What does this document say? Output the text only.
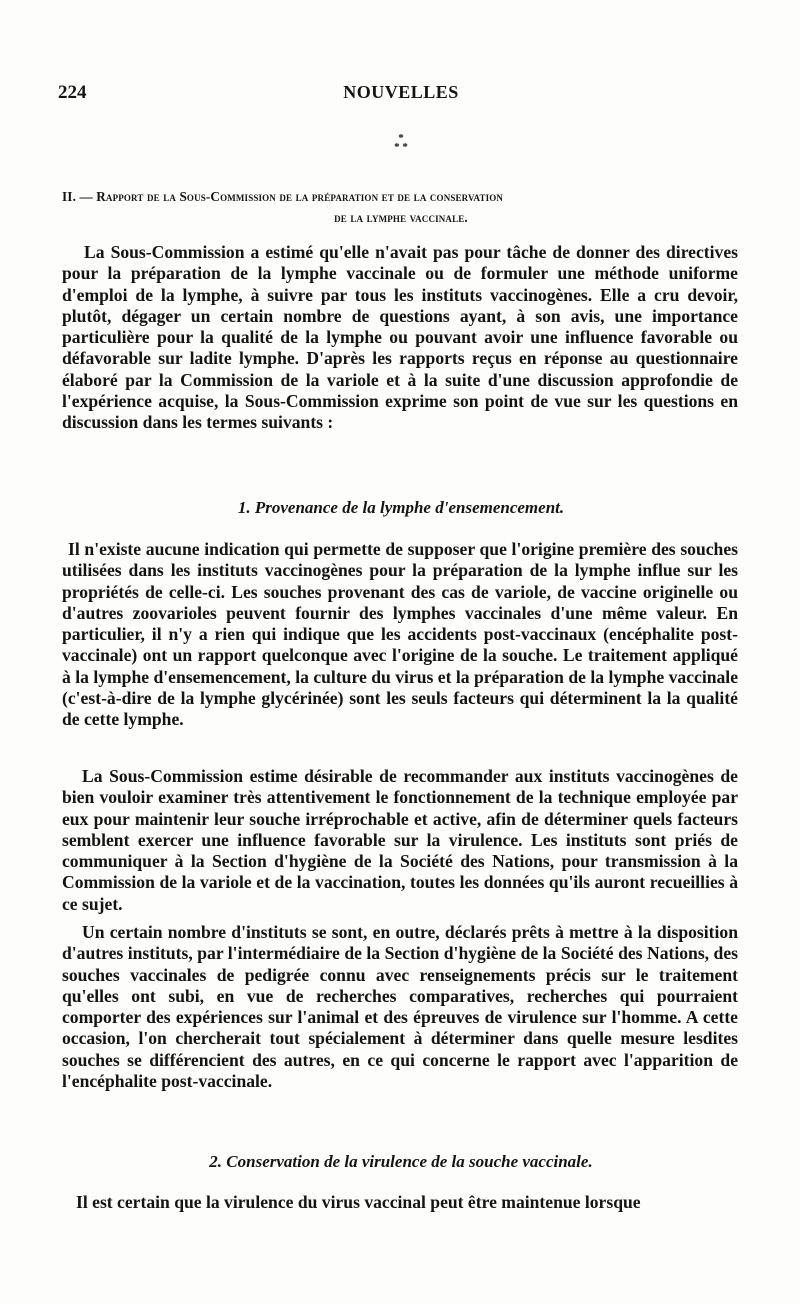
224	NOUVELLES
*
* *
II. — Rapport de la Sous-Commission de la préparation et de la conservation
de la lymphe vaccinale.

La Sous-Commission a estimé qu'elle n'avait pas pour tâche de donner des directives pour la préparation de la lymphe vaccinale ou de formuler une méthode uniforme d'emploi de la lymphe, à suivre par tous les instituts vaccinogènes. Elle a cru devoir, plutôt, dégager un certain nombre de questions ayant, à son avis, une importance particulière pour la qualité de la lymphe ou pouvant avoir une influence favorable ou défavorable sur ladite lymphe. D'après les rapports reçus en réponse au questionnaire élaboré par la Commission de la variole et à la suite d'une discussion approfondie de l'expérience acquise, la Sous-Commission exprime son point de vue sur les questions en discussion dans les termes suivants :

1. Provenance de la lymphe d'ensemencement.

Il n'existe aucune indication qui permette de supposer que l'origine première des souches utilisées dans les instituts vaccinogènes pour la préparation de la lymphe influe sur les propriétés de celle-ci. Les souches provenant des cas de variole, de vaccine originelle ou d'autres zoovarioles peuvent fournir des lymphes vaccinales d'une même valeur. En particulier, il n'y a rien qui indique que les accidents post-vaccinaux (encéphalite post-vaccinale) ont un rapport quelconque avec l'origine de la souche. Le traitement appliqué à la lymphe d'ensemencement, la culture du virus et la préparation de la lymphe vaccinale (c'est-à-dire de la lymphe glycérinée) sont les seuls facteurs qui déterminent la la qualité de cette lymphe.

La Sous-Commission estime désirable de recommander aux instituts vaccinogènes de bien vouloir examiner très attentivement le fonctionnement de la technique employée par eux pour maintenir leur souche irréprochable et active, afin de déterminer quels facteurs semblent exercer une influence favorable sur la virulence. Les instituts sont priés de communiquer à la Section d'hygiène de la Société des Nations, pour transmission à la Commission de la variole et de la vaccination, toutes les données qu'ils auront recueillies à ce sujet.

Un certain nombre d'instituts se sont, en outre, déclarés prêts à mettre à la disposition d'autres instituts, par l'intermédiaire de la Section d'hygiène de la Société des Nations, des souches vaccinales de pedigrée connu avec renseignements précis sur le traitement qu'elles ont subi, en vue de recherches comparatives, recherches qui pourraient comporter des expériences sur l'animal et des épreuves de virulence sur l'homme. A cette occasion, l'on chercherait tout spécialement à déterminer dans quelle mesure lesdites souches se différencient des autres, en ce qui concerne le rapport avec l'apparition de l'encéphalite post-vaccinale.

2. Conservation de la virulence de la souche vaccinale.

Il est certain que la virulence du virus vaccinal peut être maintenue lorsque
